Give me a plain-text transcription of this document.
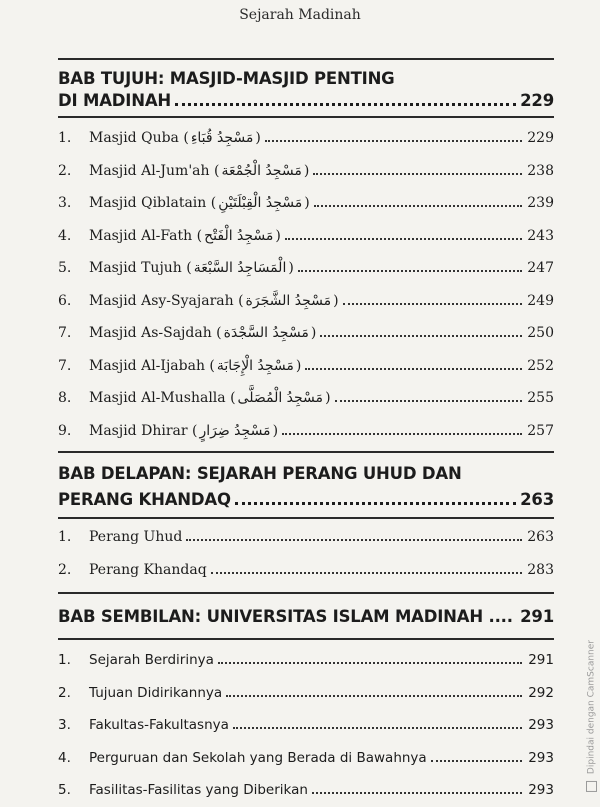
Sejarah Madinah
BAB TUJUH: MASJID-MASJID PENTING
DI MADINAH	229
1.	Masjid Quba ( مَسْجِدُ قُبَاءِ )	229
2.	Masjid Al-Jum'ah ( مَسْجِدُ الْجُمْعَة )	238
3.	Masjid Qiblatain ( مَسْجِدُ الْقِبْلَتَيْنِ )	239
4.	Masjid Al-Fath ( مَسْجِدُ الْفَتْح )	243
5.	Masjid Tujuh ( الْمَسَاجِدُ السَّبْعَة )	247
6.	Masjid Asy-Syajarah ( مَسْجِدُ الشَّجَرَة )	249
7.	Masjid As-Sajdah ( مَسْجِدُ السَّجْدَة )	250
7.	Masjid Al-Ijabah ( مَسْجِدُ الْإِجَابَة )	252
8.	Masjid Al-Mushalla ( مَسْجِدُ الْمُصَلَّى )	255
9.	Masjid Dhirar ( مَسْجِدُ ضِرَارٍ )	257
BAB DELAPAN: SEJARAH PERANG UHUD DAN
PERANG KHANDAQ	263
1.	Perang Uhud	263
2.	Perang Khandaq	283
BAB SEMBILAN: UNIVERSITAS ISLAM MADINAH .... 291
1.	Sejarah Berdirinya	291
2.	Tujuan Didirikannya	292
3.	Fakultas-Fakultasnya	293
4.	Perguruan dan Sekolah yang Berada di Bawahnya	293
5.	Fasilitas-Fasilitas yang Diberikan	293
Dipindai dengan CamScanner
